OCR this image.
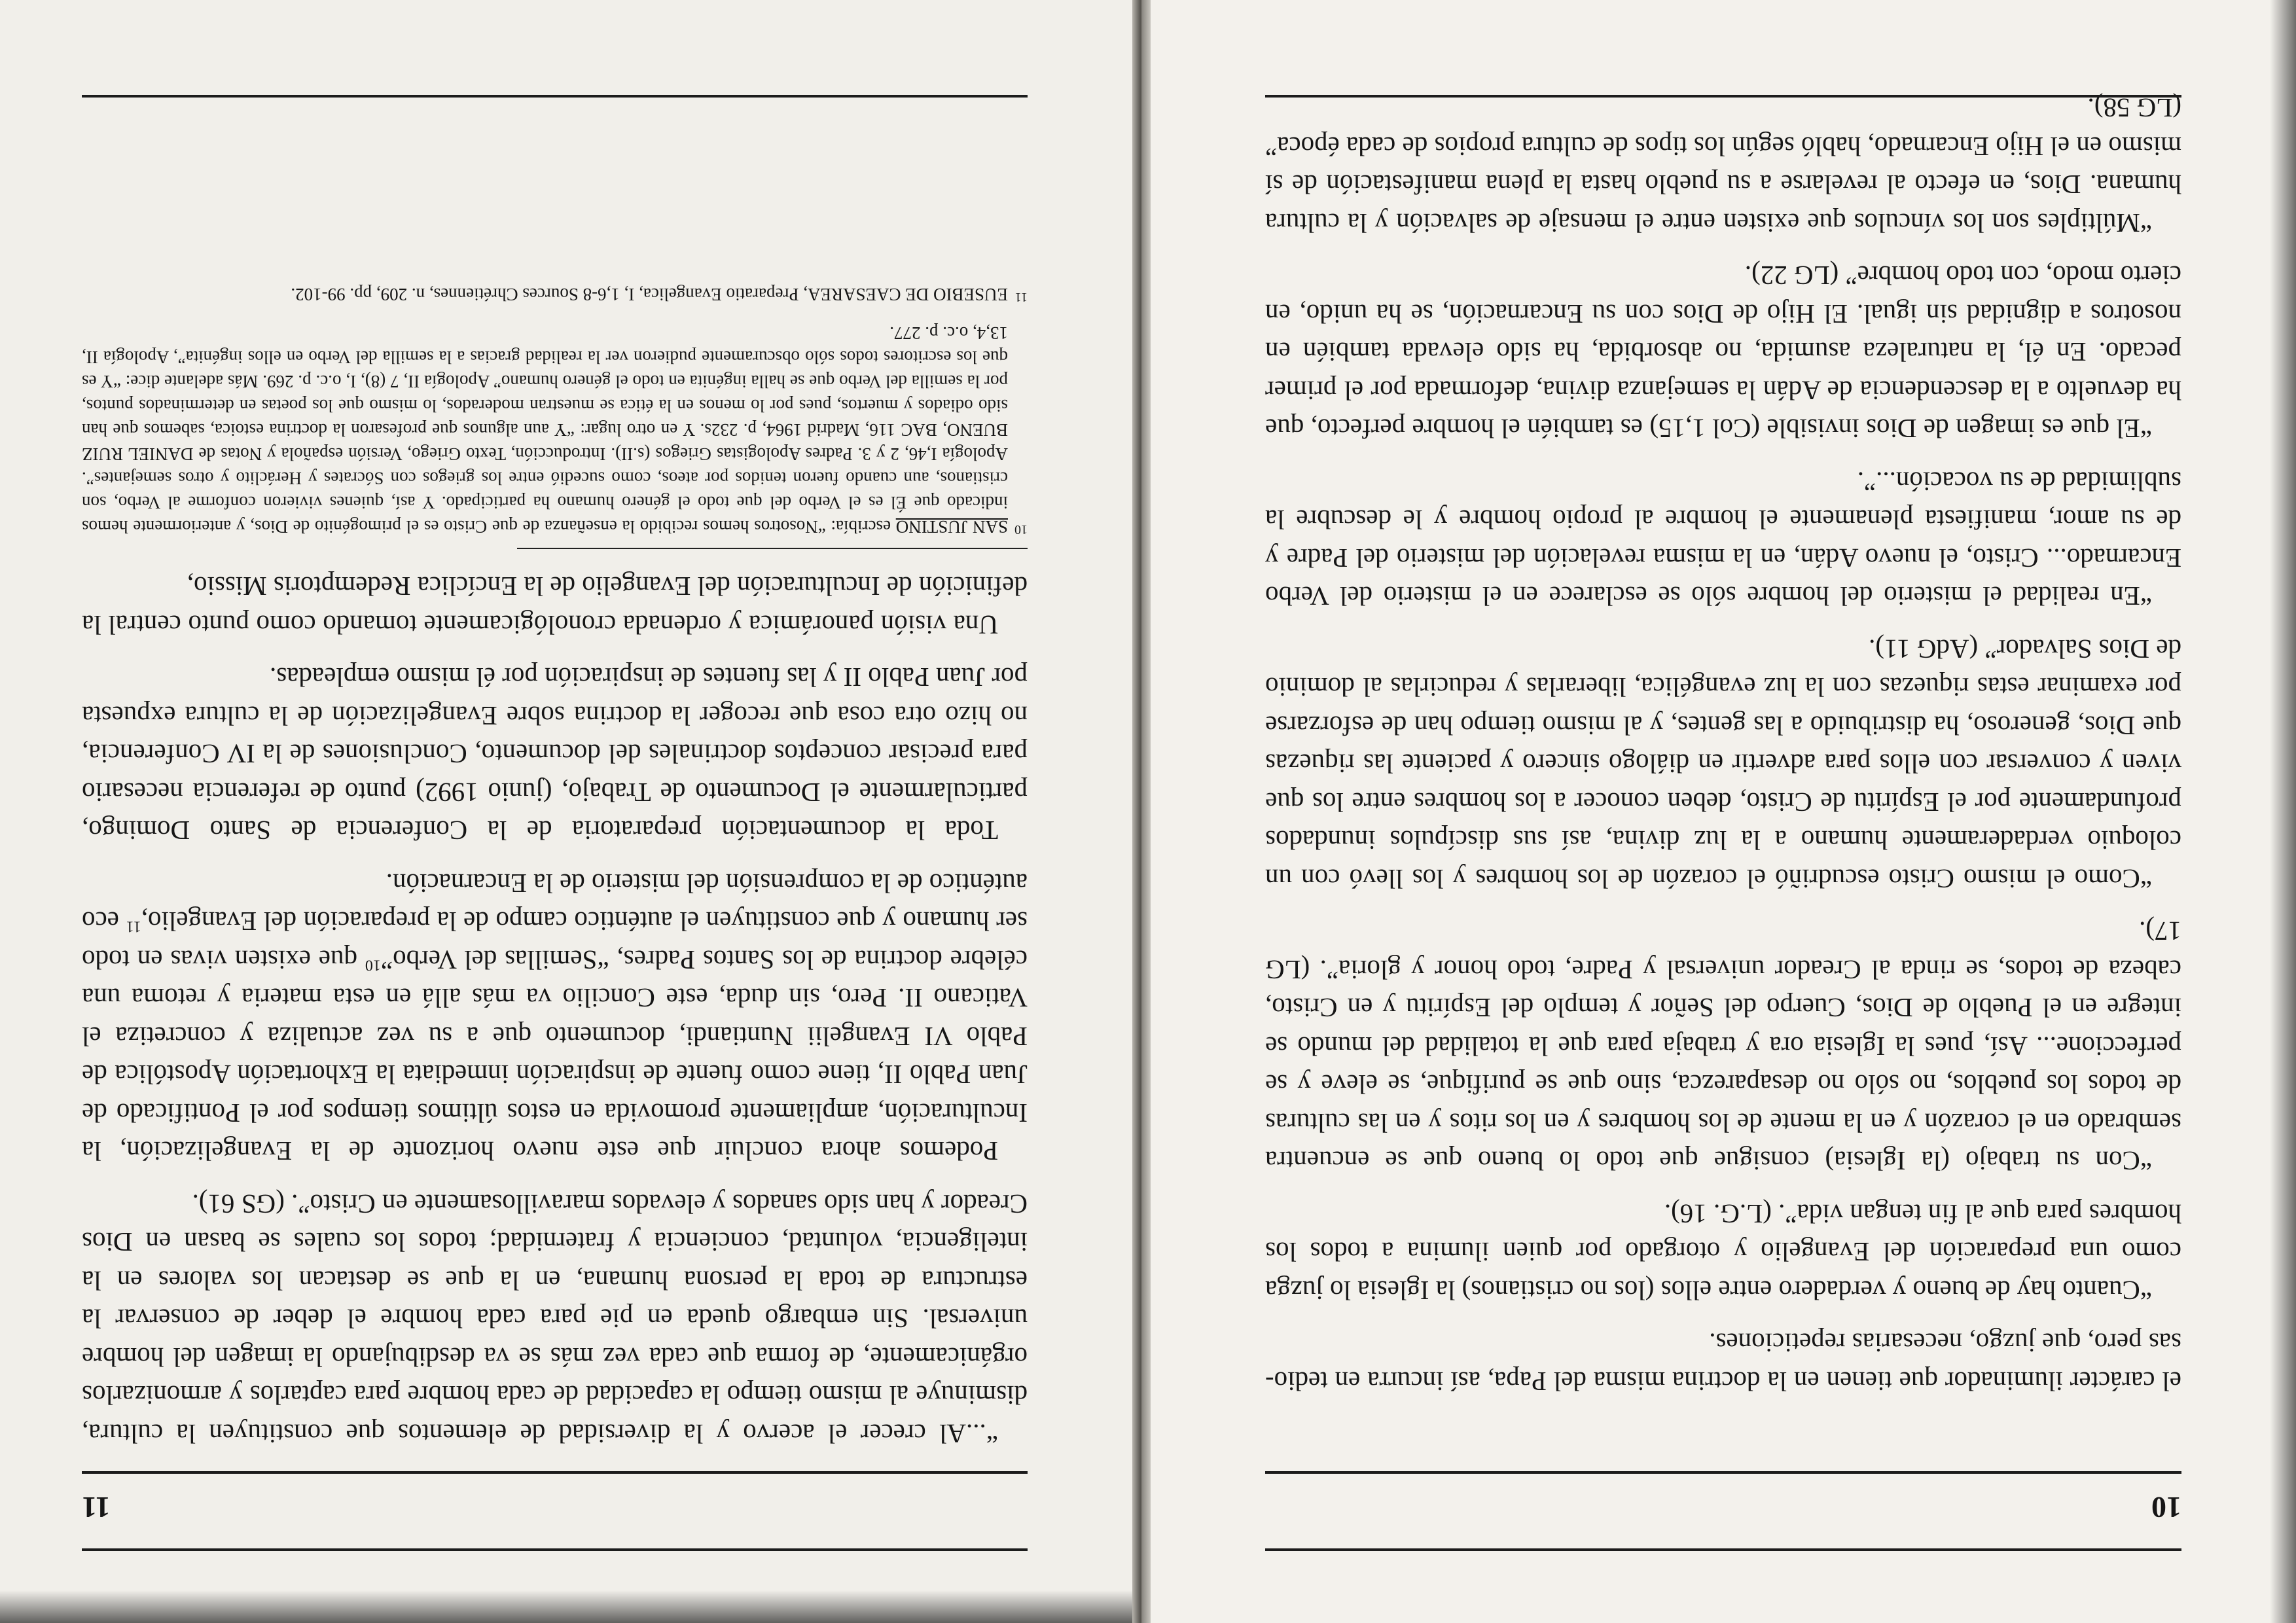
10

el carácter iluminador que tienen en la doctrina misma del Papa, así incurra en tedio-sas pero, que juzgo, necesarias repeticiones.

“Cuanto hay de bueno y verdadero entre ellos (los no cristianos) la Iglesia lo juzga como una preparación del Evangelio y otorgado por quien ilumina a todos los hombres para que al fin tengan vida”. (L.G. 16).

“Con su trabajo (la Iglesia) consigue que todo lo bueno que se encuentra sembrado en el corazón y en la mente de los hombres y en los ritos y en las culturas de todos los pueblos, no sólo no desaparezca, sino que se purifique, se eleve y se perfeccione... Así, pues la Iglesia ora y trabaja para que la totalidad del mundo se integre en el Pueblo de Dios, Cuerpo del Señor y templo del Espíritu y en Cristo, cabeza de todos, se rinda al Creador universal y Padre, todo honor y gloria”. (LG 17).

“Como el mismo Cristo escudriñó el corazón de los hombres y los llevó con un coloquio verdaderamente humano a la luz divina, así sus discípulos inundados profundamente por el Espíritu de Cristo, deben conocer a los hombres entre los que viven y conversar con ellos para advertir en diálogo sincero y paciente las riquezas que Dios, generoso, ha distribuido a las gentes, y al mismo tiempo han de esforzarse por examinar estas riquezas con la luz evangélica, liberarlas y reducirlas al dominio de Dios Salvador” (AdG 11).

“En realidad el misterio del hombre sólo se esclarece en el misterio del Verbo Encarnado... Cristo, el nuevo Adán, en la misma revelación del misterio del Padre y de su amor, manifiesta plenamente el hombre al propio hombre y le descubre la sublimidad de su vocación...”.

“El que es imagen de Dios invisible (Col 1,15) es también el hombre perfecto, que ha devuelto a la descendencia de Adán la semejanza divina, deformada por el primer pecado. En él, la naturaleza asumida, no absorbida, ha sido elevada también en nosotros a dignidad sin igual. El Hijo de Dios con su Encarnación, se ha unido, en cierto modo, con todo hombre” (LG 22).

“Múltiples son los vínculos que existen entre el mensaje de salvación y la cultura humana. Dios, en efecto al revelarse a su pueblo hasta la plena manifestación de sí mismo en el Hijo Encarnado, habló según los tipos de cultura propios de cada época” (LG 58).

11

“...Al crecer el acervo y la diversidad de elementos que constituyen la cultura, disminuye al mismo tiempo la capacidad de cada hombre para captarlos y armonizarlos orgánicamente, de forma que cada vez más se va desdibujando la imagen del hombre universal. Sin embargo queda en pie para cada hombre el deber de conservar la estructura de toda la persona humana, en la que se destacan los valores en la inteligencia, voluntad, conciencia y fraternidad; todos los cuales se basan en Dios Creador y han sido sanados y elevados maravillosamente en Cristo”. (GS 61).

Podemos ahora concluir que este nuevo horizonte de la Evangelización, la Inculturación, ampliamente promovida en estos últimos tiempos por el Pontificado de Juan Pablo II, tiene como fuente de inspiración inmediata la Exhortación Apostólica de Pablo VI Evangelii Nuntiandi, documento que a su vez actualiza y concretiza el Vaticano II. Pero, sin duda, este Concilio va más allá en esta materia y retoma una célebre doctrina de los Santos Padres, “Semillas del Verbo”$^{10}$ que existen vivas en todo ser humano y que constituyen el auténtico campo de la preparación del Evangelio,$^{11}$ eco auténtico de la comprensión del misterio de la Encarnación.

Toda la documentación preparatoria de la Conferencia de Santo Domingo, particularmente el Documento de Trabajo, (junio 1992) punto de referencia necesario para precisar conceptos doctrinales del documento, Conclusiones de la IV Conferencia, no hizo otra cosa que recoger la doctrina sobre Evangelización de la cultura expuesta por Juan Pablo II y las fuentes de inspiración por él mismo empleadas.

Una visión panorámica y ordenada cronológicamente tomando como punto central la definición de Inculturación del Evangelio de la Encíclica Redemptoris Missio,

10
SAN JUSTINO escribía: “Nosotros hemos recibido la enseñanza de que Cristo es el primogénito de Dios, y anteriormente hemos indicado que Él es el Verbo del que todo el género humano ha participado. Y así, quienes vivieron conforme al Verbo, son cristianos, aun cuando fueron tenidos por ateos, como sucedió entre los griegos con Sócrates y Heráclito y otros semejantes”. Apología I,46, 2 y 3. Padres Apologistas Griegos (s.II). Introducción, Texto Griego, Versión española y Notas de DANIEL RUIZ BUENO, BAC 116, Madrid 1964, p. 232s. Y en otro lugar: “Y aun algunos que profesaron la doctrina estoica, sabemos que han sido odiados y muertos, pues por lo menos en la ética se muestran moderados, lo mismo que los poetas en determinados puntos, por la semilla del Verbo que se halla ingénita en todo el género humano” Apología II, 7 (8), I, o.c. p. 269. Más adelante dice: “Y es que los escritores todos sólo obscuramente pudieron ver la realidad gracias a la semilla del Verbo en ellos ingénita”, Apología II, 13,4, o.c. p. 277.

11
EUSEBIO DE CAESAREA, Preparatio Evangelica, I, 1,6-8 Sources Chrétiennes, n. 209, pp. 99-102.
